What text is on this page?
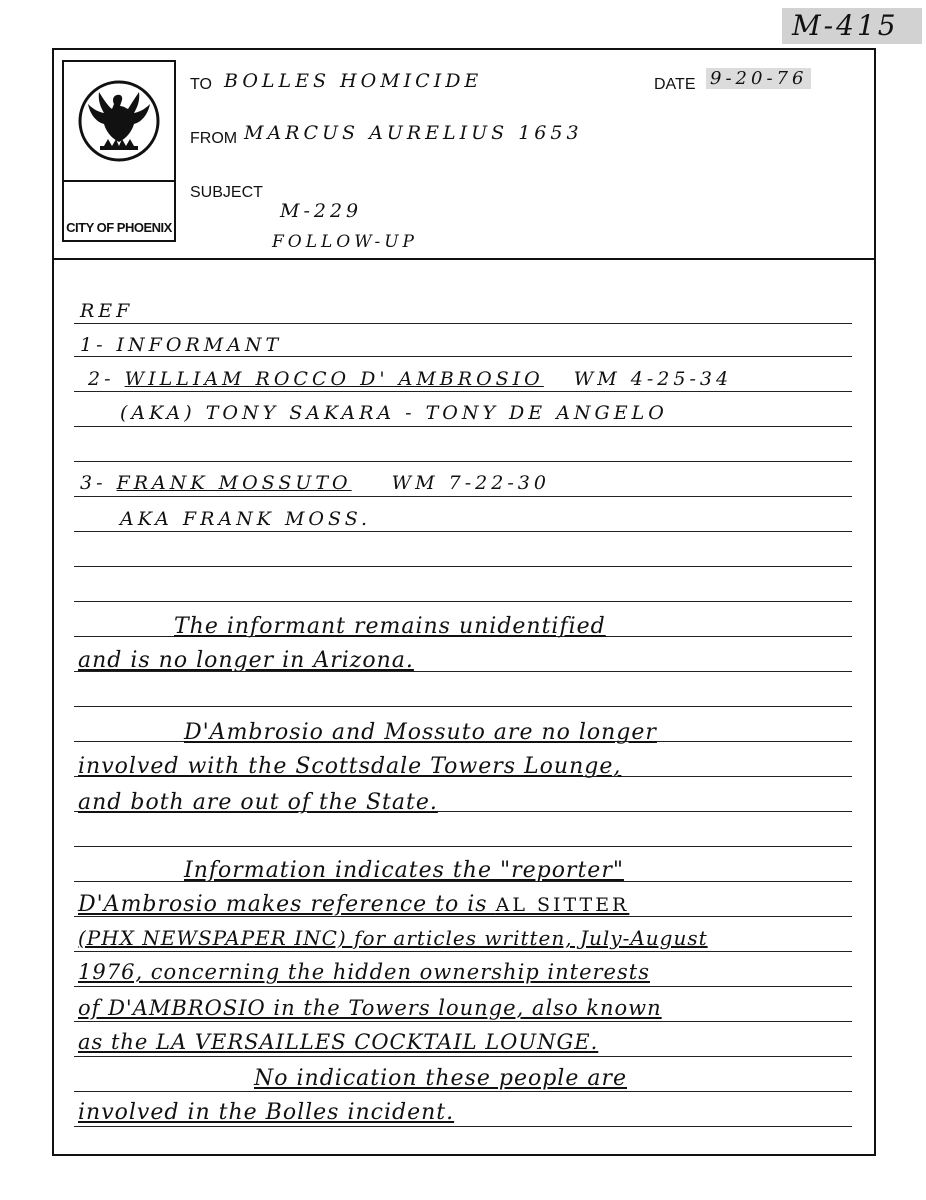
M-415
CITY OF PHOENIX
TO BOLLES HOMICIDE	DATE 9-20-76
FROM MARCUS AURELIUS 1653
SUBJECT
M-229
FOLLOW-UP
REF
1- INFORMANT
2- WILLIAM ROCCO D' AMBROSIO WM 4-25-34
(AKA) TONY SAKARA - TONY DE ANGELO
3- FRANK MOSSUTO WM 7-22-30
AKA FRANK MOSS.
The informant remains unidentified
and is no longer in Arizona.
D'Ambrosio and Mossuto are no longer
involved with the Scottsdale Towers Lounge,
and both are out of the State.
Information indicates the "reporter"
D'Ambrosio makes reference to is AL SITTER
(PHX NEWSPAPER INC) for articles written, July-August
1976, concerning the hidden ownership interests
of D'AMBROSIO in the Towers lounge, also known
as the LA VERSAILLES COCKTAIL LOUNGE.
No indication these people are
involved in the Bolles incident.
